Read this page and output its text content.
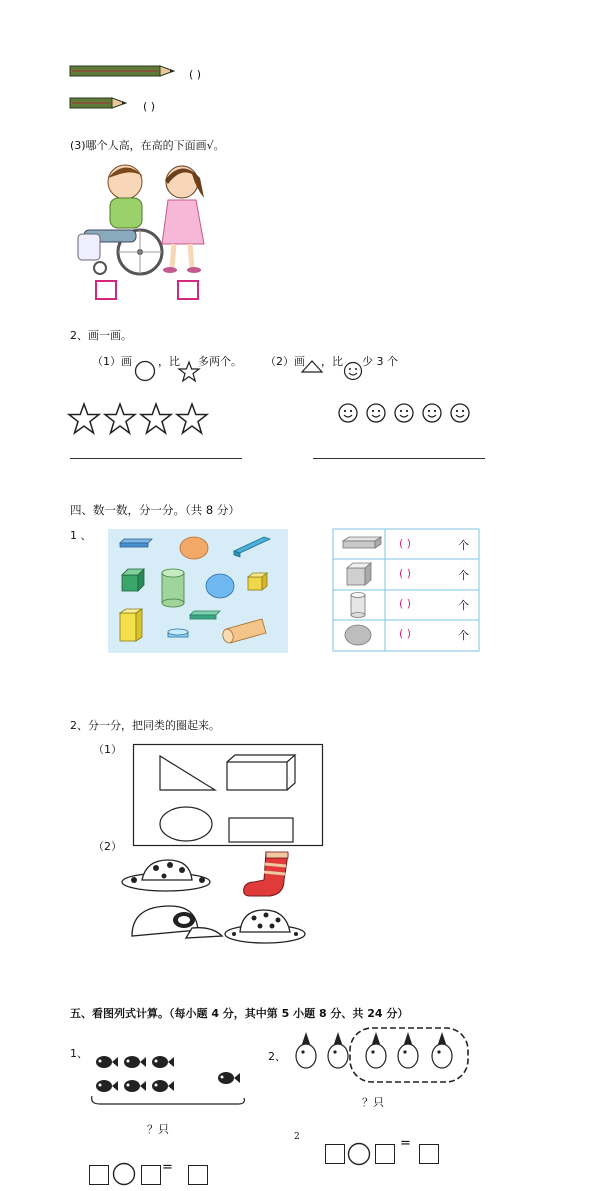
( )
( )
(3)哪个人高，在高的下面画√。
2、画一画。
（1）画 ，比 多两个。 （2）画 ，比 少 3 个
四、数一数，分一分。（共 8 分）
1 、
( )	个
( )	个
( )	个
( )	个
2、分一分，把同类的圈起来。
（1）
（2）
五、看图列式计算。（每小题 4 分，其中第 5 小题 8 分、共 24 分）
1、
？只
2、
？只
2	=
=
